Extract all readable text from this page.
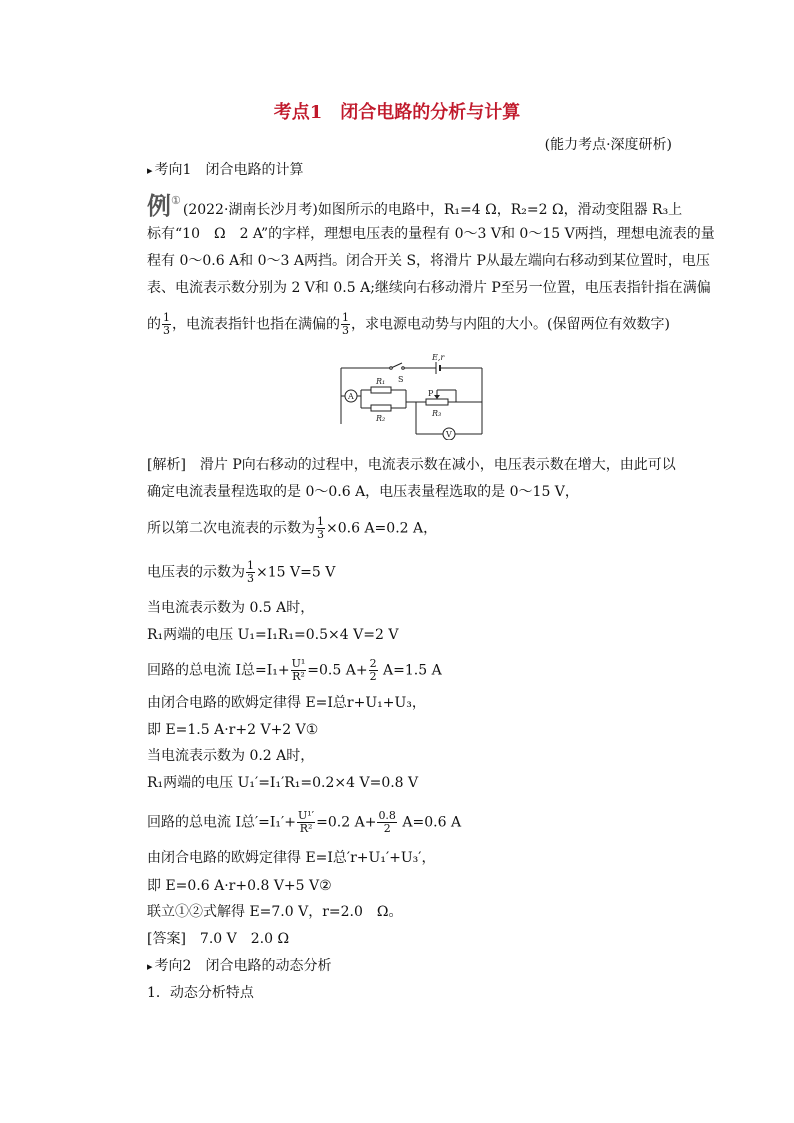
考点1 闭合电路的分析与计算
(能力考点·深度研析)
▸ 考向1　闭合电路的计算
例①(2022·湖南长沙月考)如图所示的电路中，R₁=4 Ω，R₂=2 Ω，滑动变阻器 R₃上
标有“10　Ω　2 A”的字样，理想电压表的量程有 0～3 V和 0～15 V两挡，理想电流表的量
程有 0～0.6 A和 0～3 A两挡。闭合开关 S，将滑片 P从最左端向右移动到某位置时，电压
表、电流表示数分别为 2 V和 0.5 A;继续向右移动滑片 P至另一位置，电压表指针指在满偏
的 $\frac{1}{3}$ ，电流表指针也指在满偏的 $\frac{1}{3}$ ，求电源电动势与内阻的大小。(保留两位有效数字)
S
E,r
A
R₁
R₂
P
R₃
V
[解析]　滑片 P向右移动的过程中，电流表示数在减小，电压表示数在增大，由此可以
确定电流表量程选取的是 0～0.6 A，电压表量程选取的是 0～15 V，
所以第二次电流表的示数为 $\frac{1}{3} \times 0.6$ A=0.2 A，
电压表的示数为 $\frac{1}{3} \times 15$ V=5 V
当电流表示数为 0.5 A时，
R₁两端的电压 U₁=I₁R₁=0.5×4 V=2 V
回路的总电流 I总$=I_1+ \frac{\text{U¹}}{\text{R²}} =0.5$ $A+ \frac{2}{2} A=1.5$ A
由闭合电路的欧姆定律得 E=I总r+U₁+U₃，
即 E=1.5 A·r+2 V+2 V①
当电流表示数为 0.2 A时，
R₁两端的电压 U₁′=I₁′R₁=0.2×4 V=0.8 V
回路的总电流 I总$'=I_1'+ \frac{\text{U¹′}}{\text{R²}} =0.2$ $A+ \frac{0.8}{2} A=0.6$ A
由闭合电路的欧姆定律得 E=I总′r+U₁′+U₃′，
即 E=0.6 A·r+0.8 V+5 V②
联立①②式解得 E=7.0 V，r=2.0　Ω。
[答案]　7.0 V　2.0 Ω
▸ 考向2　闭合电路的动态分析
1．动态分析特点
